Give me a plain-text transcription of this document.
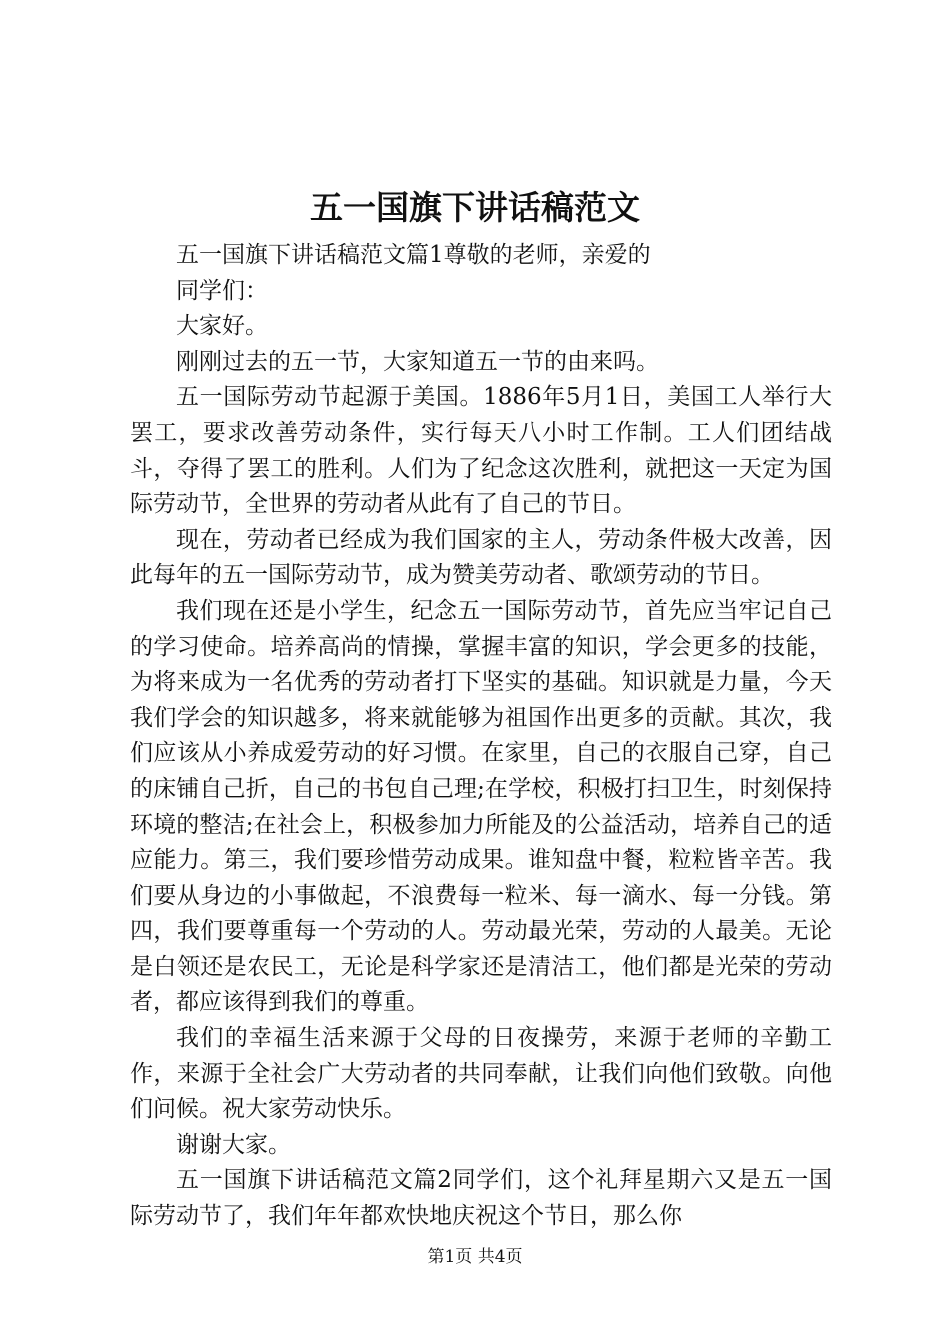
五一国旗下讲话稿范文

五一国旗下讲话稿范文篇1尊敬的老师，亲爱的

同学们：

大家好。

刚刚过去的五一节，大家知道五一节的由来吗。

五一国际劳动节起源于美国。1886年5月1日，美国工人举行大罢工，要求改善劳动条件，实行每天八小时工作制。工人们团结战斗，夺得了罢工的胜利。人们为了纪念这次胜利，就把这一天定为国际劳动节，全世界的劳动者从此有了自己的节日。

现在，劳动者已经成为我们国家的主人，劳动条件极大改善，因此每年的五一国际劳动节，成为赞美劳动者、歌颂劳动的节日。

我们现在还是小学生，纪念五一国际劳动节，首先应当牢记自己的学习使命。培养高尚的情操，掌握丰富的知识，学会更多的技能，为将来成为一名优秀的劳动者打下坚实的基础。知识就是力量，今天我们学会的知识越多，将来就能够为祖国作出更多的贡献。其次，我们应该从小养成爱劳动的好习惯。在家里，自己的衣服自己穿，自己的床铺自己折，自己的书包自己理;在学校，积极打扫卫生，时刻保持环境的整洁;在社会上，积极参加力所能及的公益活动，培养自己的适应能力。第三，我们要珍惜劳动成果。谁知盘中餐，粒粒皆辛苦。我们要从身边的小事做起，不浪费每一粒米、每一滴水、每一分钱。第四，我们要尊重每一个劳动的人。劳动最光荣，劳动的人最美。无论是白领还是农民工，无论是科学家还是清洁工，他们都是光荣的劳动者，都应该得到我们的尊重。

我们的幸福生活来源于父母的日夜操劳，来源于老师的辛勤工作，来源于全社会广大劳动者的共同奉献，让我们向他们致敬。向他们问候。祝大家劳动快乐。

谢谢大家。

五一国旗下讲话稿范文篇2同学们，这个礼拜星期六又是五一国际劳动节了，我们年年都欢快地庆祝这个节日，那么你

第1页 共4页
